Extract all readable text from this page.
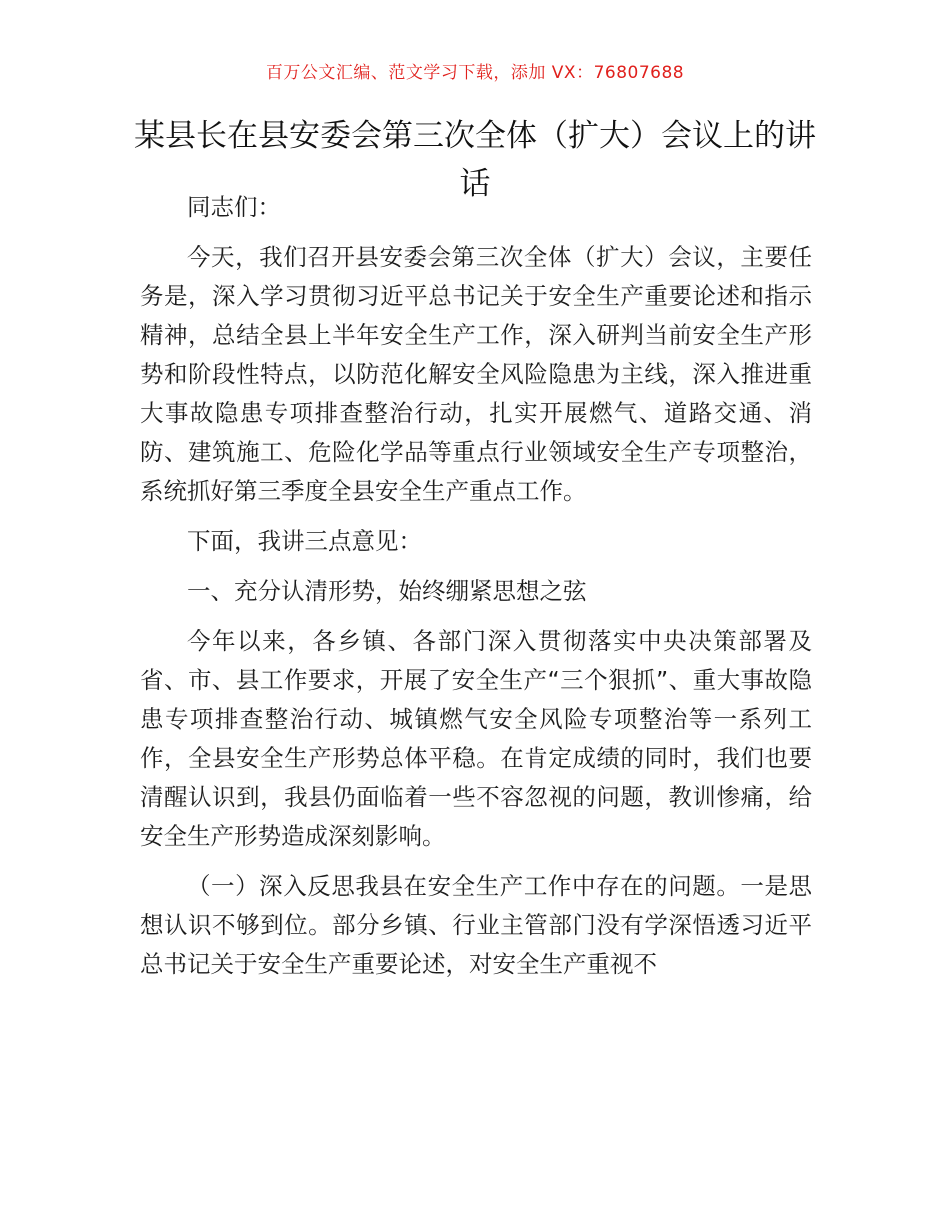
百万公文汇编、范文学习下载，添加 VX：76807688
某县长在县安委会第三次全体（扩大）会议上的讲话

同志们：

今天，我们召开县安委会第三次全体（扩大）会议，主要任务是，深入学习贯彻习近平总书记关于安全生产重要论述和指示精神，总结全县上半年安全生产工作，深入研判当前安全生产形势和阶段性特点，以防范化解安全风险隐患为主线，深入推进重大事故隐患专项排查整治行动，扎实开展燃气、道路交通、消防、建筑施工、危险化学品等重点行业领域安全生产专项整治，系统抓好第三季度全县安全生产重点工作。

下面，我讲三点意见：

一、充分认清形势，始终绷紧思想之弦

今年以来，各乡镇、各部门深入贯彻落实中央决策部署及省、市、县工作要求，开展了安全生产“三个狠抓”、重大事故隐患专项排查整治行动、城镇燃气安全风险专项整治等一系列工作，全县安全生产形势总体平稳。在肯定成绩的同时，我们也要清醒认识到，我县仍面临着一些不容忽视的问题，教训惨痛，给安全生产形势造成深刻影响。

（一）深入反思我县在安全生产工作中存在的问题。一是思想认识不够到位。部分乡镇、行业主管部门没有学深悟透习近平总书记关于安全生产重要论述，对安全生产重视不
